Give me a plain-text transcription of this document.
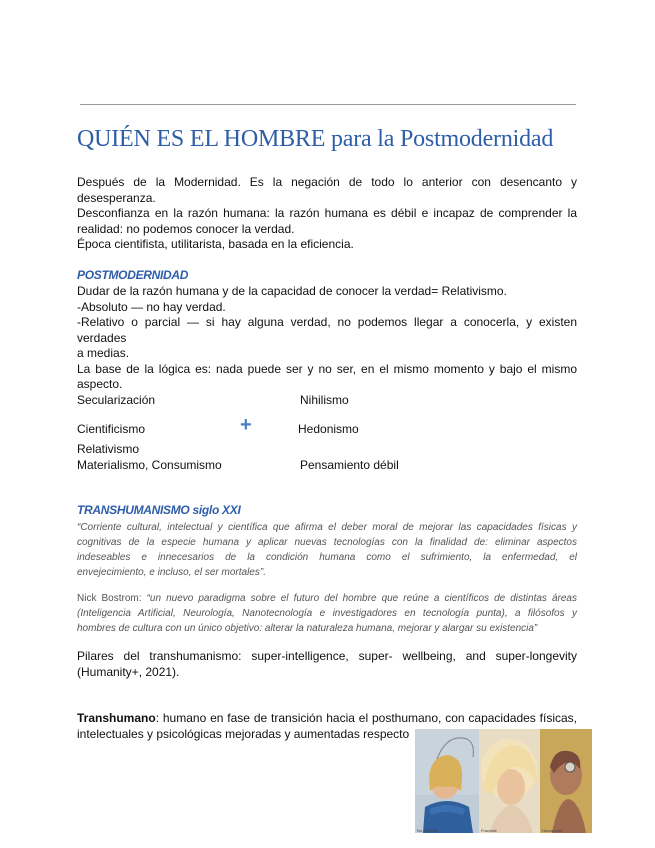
QUIÉN ES EL HOMBRE para la Postmodernidad
Después de la Modernidad. Es la negación de todo lo anterior con desencanto y desesperanza.
Desconfianza en la razón humana: la razón humana es débil e incapaz de comprender la
realidad: no podemos conocer la verdad.
Época cientifista, utilitarista, basada en la eficiencia.
POSTMODERNIDAD
Dudar de la razón humana y de la capacidad de conocer la verdad= Relativismo.
-Absoluto — no hay verdad.
-Relativo o parcial — si hay alguna verdad, no podemos llegar a conocerla, y existen verdades
a medias.
La base de la lógica es: nada puede ser y no ser, en el mismo momento y bajo el mismo
aspecto.
Secularización	Nihilismo
Cientificismo	+	Hedonismo
Relativismo
Materialismo, Consumismo	Pensamiento débil
TRANSHUMANISMO siglo XXI
“Corriente cultural, intelectual y científica que afirma el deber moral de mejorar las capacidades físicas y
cognitivas de la especie humana y aplicar nuevas tecnologías con la finalidad de: eliminar aspectos
indeseables e innecesarios de la condición humana como el sufrimiento, la enfermedad, el
envejecimiento, e incluso, el ser mortales”.
Nick Bostrom: “un nuevo paradigma sobre el futuro del hombre que reúne a científicos de distintas áreas
(Inteligencia Artificial, Neurología, Nanotecnología e investigadores en tecnología punta), a filósofos y
hombres de cultura con un único objetivo: alterar la naturaleza humana, mejorar y alargar su existencia”
Pilares del transhumanismo: super-intelligence, super- wellbeing, and super-longevity
(Humanity+, 2021).
Transhumano: humano en fase de transición hacia el posthumano, con capacidades físicas,
intelectuales y psicológicas mejoradas y aumentadas respecto
No Haitsum	Fraedale	Humanoide
